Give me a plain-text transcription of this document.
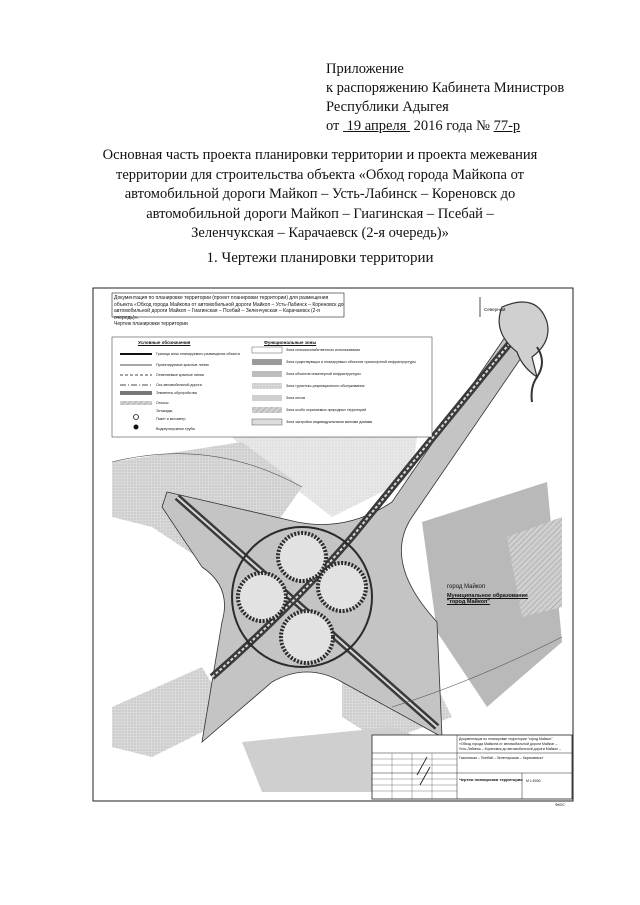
Приложение
к распоряжению Кабинета Министров
Республики Адыгея
от 19 апреля 2016 года № 77-р
Основная часть проекта планировки территории и проекта межевания
территории для строительства объекта «Обход города Майкопа от
автомобильной дороги Майкоп – Усть-Лабинск – Кореновск до
автомобильной дороги Майкоп – Гиагинская – Псебай –
Зеленчукская – Карачаевск (2-я очередь)»
1. Чертежи планировки территории
Документация по планировке территории (проект планировки территории) для размещения
объекта «Обход города Майкопа от автомобильной дороги Майкоп – Усть-Лабинск – Кореновск до
автомобильной дороги Майкоп – Гиагинская – Псебай – Зеленчукская – Карачаевск (2-я очередь)».
Чертеж планировки территории
Условные обозначения	Функциональные зоны
Граница зоны планируемого размещения объекта
Проектируемые красные линии
Отменяемые красные линии
Ось автомобильной дороги
Элементы обустройства
Откосы
Эстакады
Пикет и километр
Водопропускные трубы
Зона сельскохозяйственного использования
Зона существующих и планируемых объектов транспортной инфраструктуры
Зона объектов инженерной инфраструктуры
Зона туристско-рекреационного обслуживания
Зона лесов
Зона особо охраняемых природных территорий
Зона застройки индивидуальными жилыми домами
Северный
город Майкоп
Муниципальное образование
"город Майкоп"
Документация по планировке территории "город Майкоп"
«Обход города Майкопа от автомобильной дороги Майкоп –
Усть-Лабинск – Кореновск до автомобильной дороги Майкоп –
Гиагинская – Псебай – Зеленчукская – Карачаевск»
Чертеж планировки территории М 1:5000
ФКОС
